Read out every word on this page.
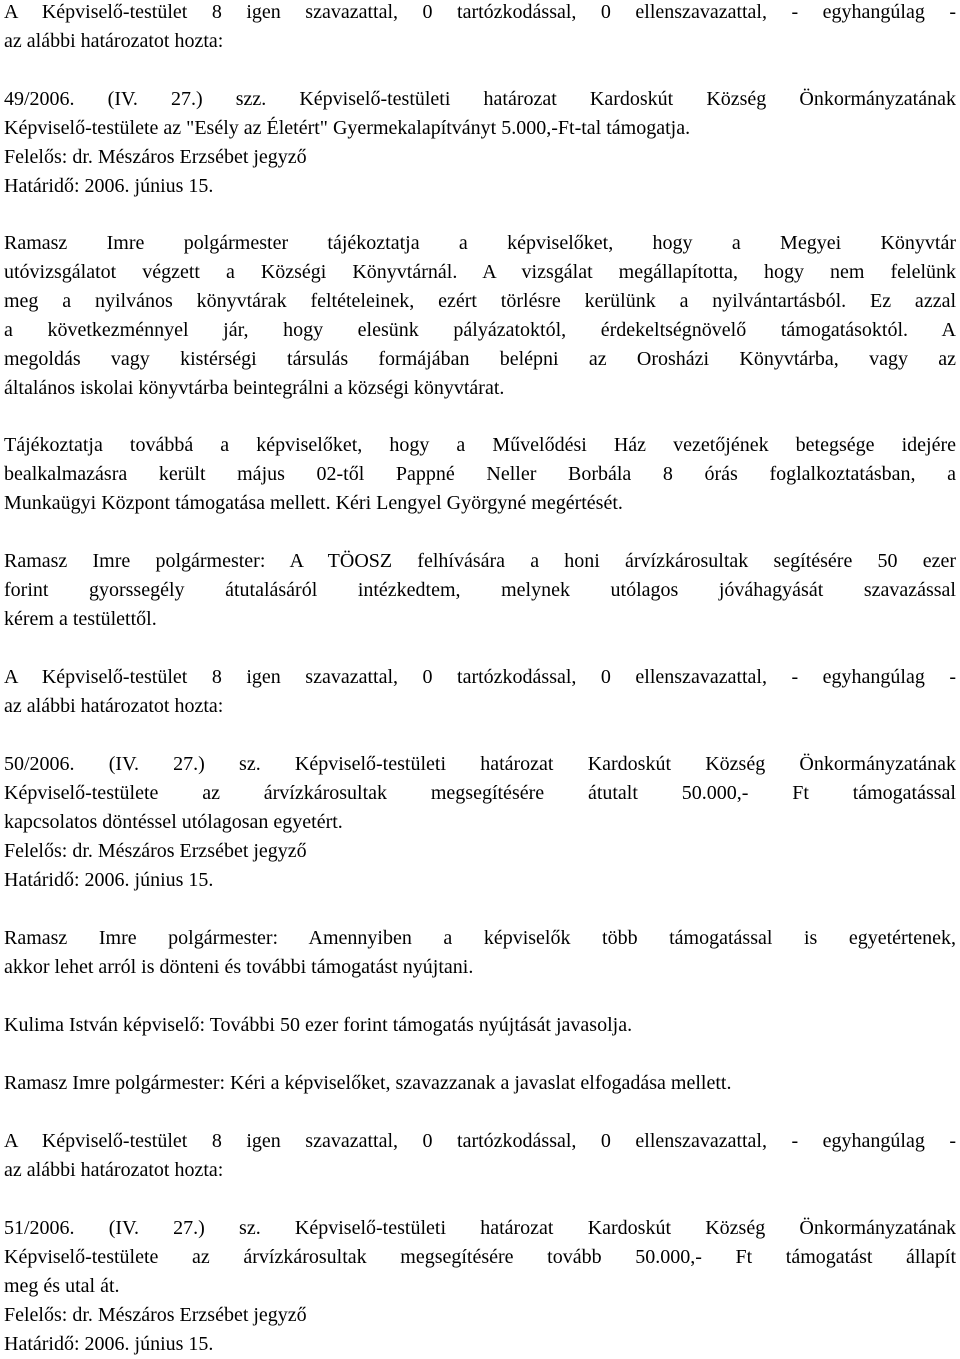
A Képviselő-testület 8 igen szavazattal, 0 tartózkodással, 0 ellenszavazattal, - egyhangúlag -
az alábbi határozatot hozta:
49/2006. (IV. 27.) szz. Képviselő-testületi határozat Kardoskút Község Önkormányzatának
Képviselő-testülete az "Esély az Életért" Gyermekalapítványt 5.000,-Ft-tal támogatja.
Felelős: dr. Mészáros Erzsébet jegyző
Határidő: 2006. június 15.
Ramasz Imre polgármester tájékoztatja a képviselőket, hogy a Megyei Könyvtár
utóvizsgálatot végzett a Községi Könyvtárnál. A vizsgálat megállapította, hogy nem felelünk
meg a nyilvános könyvtárak feltételeinek, ezért törlésre kerülünk a nyilvántartásból. Ez azzal
a következménnyel jár, hogy elesünk pályázatoktól, érdekeltségnövelő támogatásoktól. A
megoldás vagy kistérségi társulás formájában belépni az Orosházi Könyvtárba, vagy az
általános iskolai könyvtárba beintegrálni a községi könyvtárat.
Tájékoztatja továbbá a képviselőket, hogy a Művelődési Ház vezetőjének betegsége idejére
bealkalmazásra került május 02-től Pappné Neller Borbála 8 órás foglalkoztatásban, a
Munkaügyi Központ támogatása mellett. Kéri Lengyel Györgyné megértését.
Ramasz Imre polgármester: A TÖOSZ felhívására a honi árvízkárosultak segítésére 50 ezer
forint gyorssegély átutalásáról intézkedtem, melynek utólagos jóváhagyását szavazással
kérem a testülettől.
A Képviselő-testület 8 igen szavazattal, 0 tartózkodással, 0 ellenszavazattal, - egyhangúlag -
az alábbi határozatot hozta:
50/2006. (IV. 27.) sz. Képviselő-testületi határozat Kardoskút Község Önkormányzatának
Képviselő-testülete az árvízkárosultak megsegítésére átutalt 50.000,- Ft támogatással
kapcsolatos döntéssel utólagosan egyetért.
Felelős: dr. Mészáros Erzsébet jegyző
Határidő: 2006. június 15.
Ramasz Imre polgármester: Amennyiben a képviselők több támogatással is egyetértenek,
akkor lehet arról is dönteni és további támogatást nyújtani.
Kulima István képviselő: További 50 ezer forint támogatás nyújtását javasolja.
Ramasz Imre polgármester: Kéri a képviselőket, szavazzanak a javaslat elfogadása mellett.
A Képviselő-testület 8 igen szavazattal, 0 tartózkodással, 0 ellenszavazattal, - egyhangúlag -
az alábbi határozatot hozta:
51/2006. (IV. 27.) sz. Képviselő-testületi határozat Kardoskút Község Önkormányzatának
Képviselő-testülete az árvízkárosultak megsegítésére tovább 50.000,- Ft támogatást állapít
meg és utal át.
Felelős: dr. Mészáros Erzsébet jegyző
Határidő: 2006. június 15.
